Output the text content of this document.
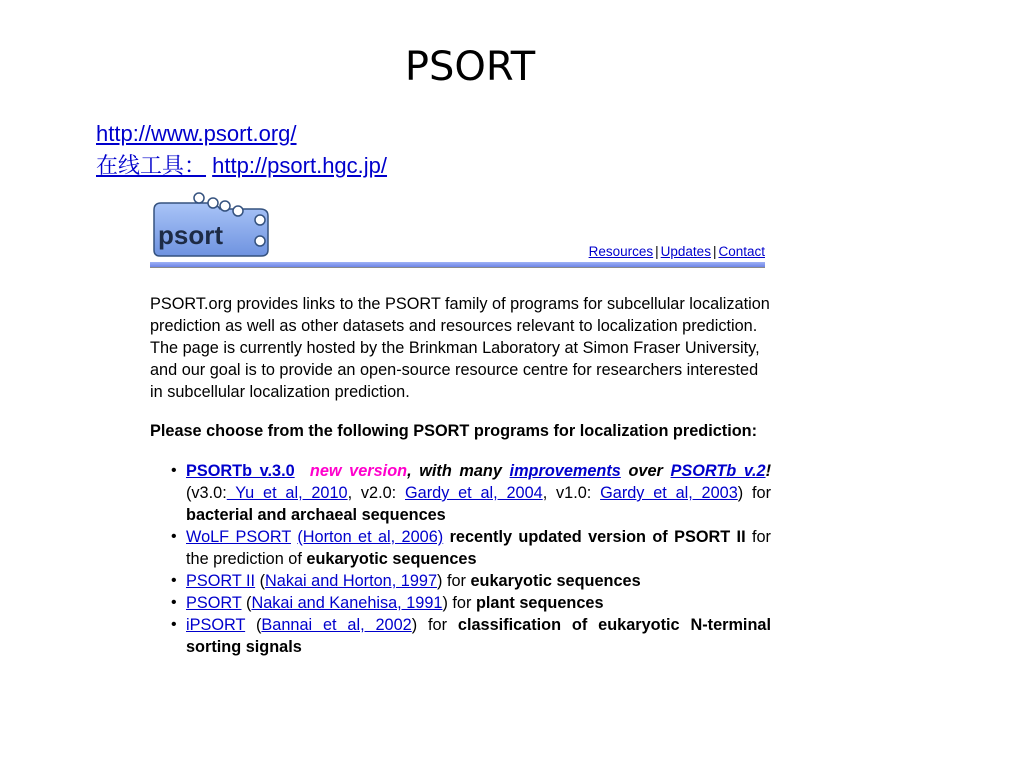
PSORT
http://www.psort.org/
在线工具： http://psort.hgc.jp/
psort
Resources | Updates | Contact
PSORT.org provides links to the PSORT family of programs for subcellular localization prediction as well as other datasets and resources relevant to localization prediction. The page is currently hosted by the Brinkman Laboratory at Simon Fraser University, and our goal is to provide an open-source resource centre for researchers interested in subcellular localization prediction.
Please choose from the following PSORT programs for localization prediction:
• PSORTb v.3.0 new version, with many improvements over PSORTb v.2! (v3.0: Yu et al, 2010, v2.0: Gardy et al, 2004, v1.0: Gardy et al, 2003) for bacterial and archaeal sequences
• WoLF PSORT (Horton et al, 2006) recently updated version of PSORT II for the prediction of eukaryotic sequences
• PSORT II (Nakai and Horton, 1997) for eukaryotic sequences
• PSORT (Nakai and Kanehisa, 1991) for plant sequences
• iPSORT (Bannai et al, 2002) for classification of eukaryotic N-terminal sorting signals
